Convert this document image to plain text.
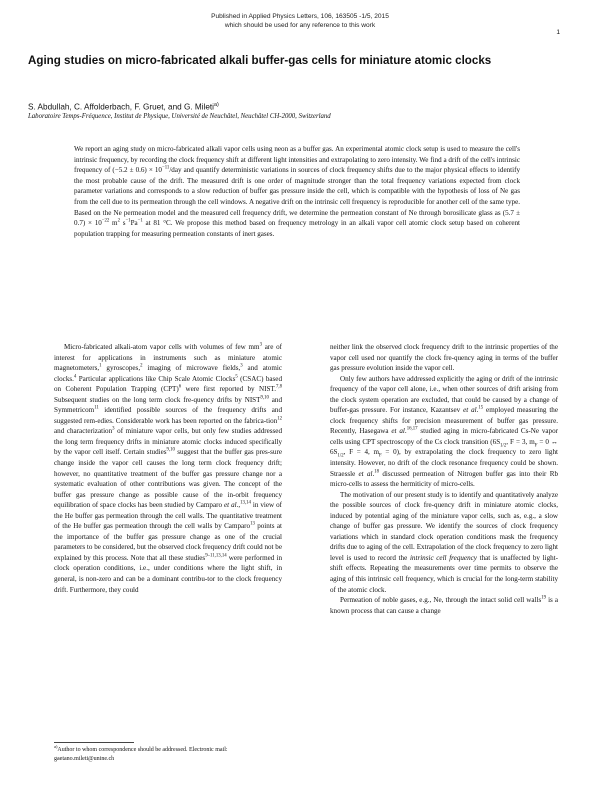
Published in Applied Physics Letters, 106, 163505 -1/5, 2015
which should be used for any reference to this work
1
Aging studies on micro-fabricated alkali buffer-gas cells for miniature atomic clocks
S. Abdullah, C. Affolderbach, F. Gruet, and G. Mileti$^{a)}$
Laboratoire Temps-Fréquence, Institut de Physique, Université de Neuchâtel, Neuchâtel CH-2000, Switzerland
We report an aging study on micro-fabricated alkali vapor cells using neon as a buffer gas. An experimental atomic clock setup is used to measure the cell's intrinsic frequency, by recording the clock frequency shift at different light intensities and extrapolating to zero intensity. We find a drift of the cell's intrinsic frequency of $(-5.2 \pm 0.6) \times 10^{-11}$/day and quantify deterministic variations in sources of clock frequency shifts due to the major physical effects to identify the most probable cause of the drift. The measured drift is one order of magnitude stronger than the total frequency variations expected from clock parameter variations and corresponds to a slow reduction of buffer gas pressure inside the cell, which is compatible with the hypothesis of loss of Ne gas from the cell due to its permeation through the cell windows. A negative drift on the intrinsic cell frequency is reproducible for another cell of the same type. Based on the Ne permeation model and the measured cell frequency drift, we determine the permeation constant of Ne through borosilicate glass as $(5.7 \pm 0.7) \times 10^{-22}$ $m^2$ $s^{-1}Pa^{-1}$ at 81 °C. We propose this method based on frequency metrology in an alkali vapor cell atomic clock setup based on coherent population trapping for measuring permeation constants of inert gases.

Micro-fabricated alkali-atom vapor cells with volumes of few $mm^3$ are of interest for applications in instruments such as miniature atomic magnetometers,$^1$ gyroscopes,$^2$ imaging of microwave fields,$^3$ and atomic clocks.$^4$ Particular applications like Chip Scale Atomic Clocks$^5$ (CSAC) based on Coherent Population Trapping (CPT)$^6$ were first reported by NIST.$^{7,8}$ Subsequent studies on the long term clock fre-quency drifts by NIST$^{9,10}$ and Symmetricom$^{11}$ identified possible sources of the frequency drifts and suggested rem-edies. Considerable work has been reported on the fabrica-tion$^{12}$ and characterization$^3$ of miniature vapor cells, but only few studies addressed the long term frequency drifts in miniature atomic clocks induced specifically by the vapor cell itself. Certain studies$^{9,10}$ suggest that the buffer gas pres-sure change inside the vapor cell causes the long term clock frequency drift; however, no quantitative treatment of the buffer gas pressure change nor a systematic evaluation of other contributions was given. The concept of the buffer gas pressure change as possible cause of the in-orbit frequency equilibration of space clocks has been studied by Camparo et al.,$^{13,14}$ in view of the He buffer gas permeation through the cell walls. The quantitative treatment of the He buffer gas permeation through the cell walls by Camparo$^{13}$ points at the importance of the buffer gas pressure change as one of the crucial parameters to be considered, but the observed clock frequency drift could not be explained by this process. Note that all these studies$^{9-11,13,14}$ were performed in clock operation conditions, i.e., under conditions where the light shift, in general, is non-zero and can be a dominant contribu-tor to the clock frequency drift. Furthermore, they could

neither link the observed clock frequency drift to the intrinsic properties of the vapor cell used nor quantify the clock fre-quency aging in terms of the buffer gas pressure evolution inside the vapor cell.

Only few authors have addressed explicitly the aging or drift of the intrinsic frequency of the vapor cell alone, i.e., when other sources of drift arising from the clock system operation are excluded, that could be caused by a change of buffer-gas pressure. For instance, Kazantsev et al.$^{15}$ employed measuring the clock frequency shifts for precision measurement of buffer gas pressure. Recently, Hasegawa et al.$^{16,17}$ studied aging in micro-fabricated Cs-Ne vapor cells using CPT spectroscopy of the Cs clock transition ($6S_{1/2}$, F = 3, $m_F = 0$ ↔ $6S_{1/2}$, F = 4, $m_F = 0$), by extrapolating the clock frequency to zero light intensity. However, no drift of the clock resonance frequency could be shown. Straessle et al.$^{18}$ discussed permeation of Nitrogen buffer gas into their Rb micro-cells to assess the hermiticity of micro-cells.

The motivation of our present study is to identify and quantitatively analyze the possible sources of clock fre-quency drift in miniature atomic clocks, induced by potential aging of the miniature vapor cells, such as, e.g., a slow change of buffer gas pressure. We identify the sources of clock frequency variations which in standard clock operation conditions mask the frequency drifts due to aging of the cell. Extrapolation of the clock frequency to zero light level is used to record the intrinsic cell frequency that is unaffected by light-shift effects. Repeating the measurements over time permits to observe the aging of this intrinsic cell frequency, which is crucial for the long-term stability of the atomic clock.

Permeation of noble gases, e.g., Ne, through the intact solid cell walls$^{19}$ is a known process that can cause a change

$^{a)}$Author to whom correspondence should be addressed. Electronic mail: gaetano.mileti@unine.ch
